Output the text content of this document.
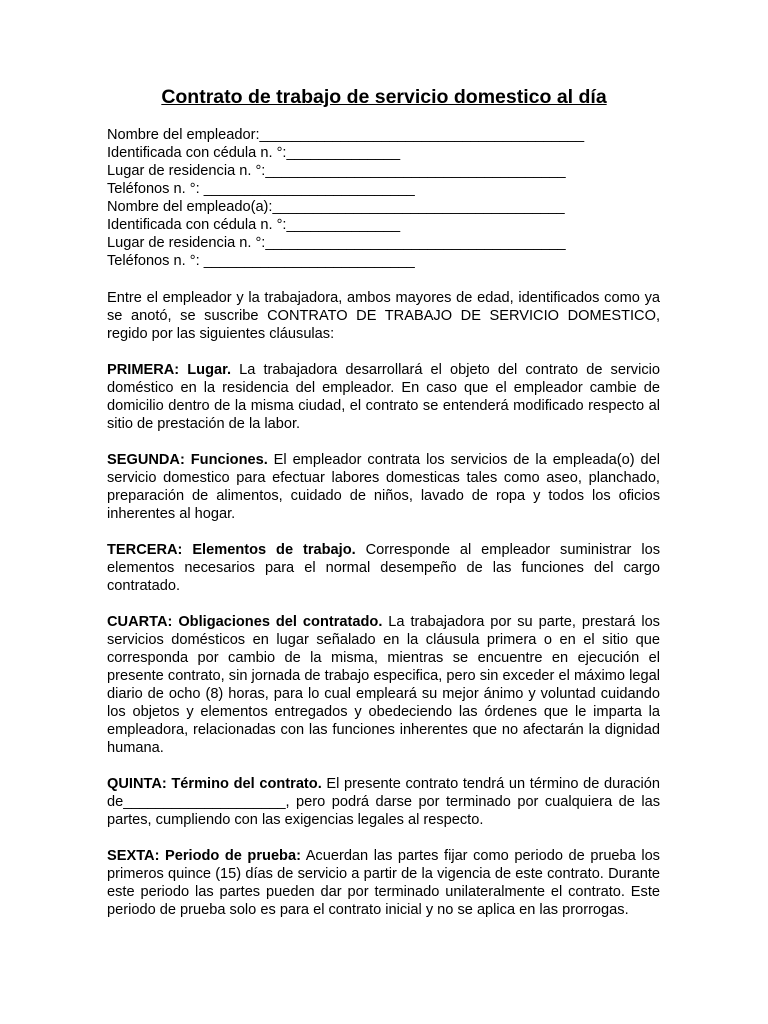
Contrato de trabajo de servicio domestico al día
Nombre del empleador:________________________________________
Identificada con cédula n. °:______________
Lugar de residencia n. °:_____________________________________
Teléfonos n. °: __________________________
Nombre del empleado(a):____________________________________
Identificada con cédula n. °:______________
Lugar de residencia n. °:_____________________________________
Teléfonos n. °: __________________________

Entre el empleador y la trabajadora, ambos mayores de edad, identificados como ya se anotó, se suscribe CONTRATO DE TRABAJO DE SERVICIO DOMESTICO, regido por las siguientes cláusulas:

PRIMERA: Lugar. La trabajadora desarrollará el objeto del contrato de servicio doméstico en la residencia del empleador. En caso que el empleador cambie de domicilio dentro de la misma ciudad, el contrato se entenderá modificado respecto al sitio de prestación de la labor.

SEGUNDA: Funciones. El empleador contrata los servicios de la empleada(o) del servicio domestico para efectuar labores domesticas tales como aseo, planchado, preparación de alimentos, cuidado de niños, lavado de ropa y todos los oficios inherentes al hogar.

TERCERA: Elementos de trabajo. Corresponde al empleador suministrar los elementos necesarios para el normal desempeño de las funciones del cargo contratado.

CUARTA: Obligaciones del contratado. La trabajadora por su parte, prestará los servicios domésticos en lugar señalado en la cláusula primera o en el sitio que corresponda por cambio de la misma, mientras se encuentre en ejecución el presente contrato, sin jornada de trabajo especifica, pero sin exceder el máximo legal diario de ocho (8) horas, para lo cual empleará su mejor ánimo y voluntad cuidando los objetos y elementos entregados y obedeciendo las órdenes que le imparta la empleadora, relacionadas con las funciones inherentes que no afectarán la dignidad humana.

QUINTA: Término del contrato. El presente contrato tendrá un término de duración de____________________, pero podrá darse por terminado por cualquiera de las partes, cumpliendo con las exigencias legales al respecto.

SEXTA: Periodo de prueba: Acuerdan las partes fijar como periodo de prueba los primeros quince (15) días de servicio a partir de la vigencia de este contrato. Durante este periodo las partes pueden dar por terminado unilateralmente el contrato. Este periodo de prueba solo es para el contrato inicial y no se aplica en las prorrogas.
